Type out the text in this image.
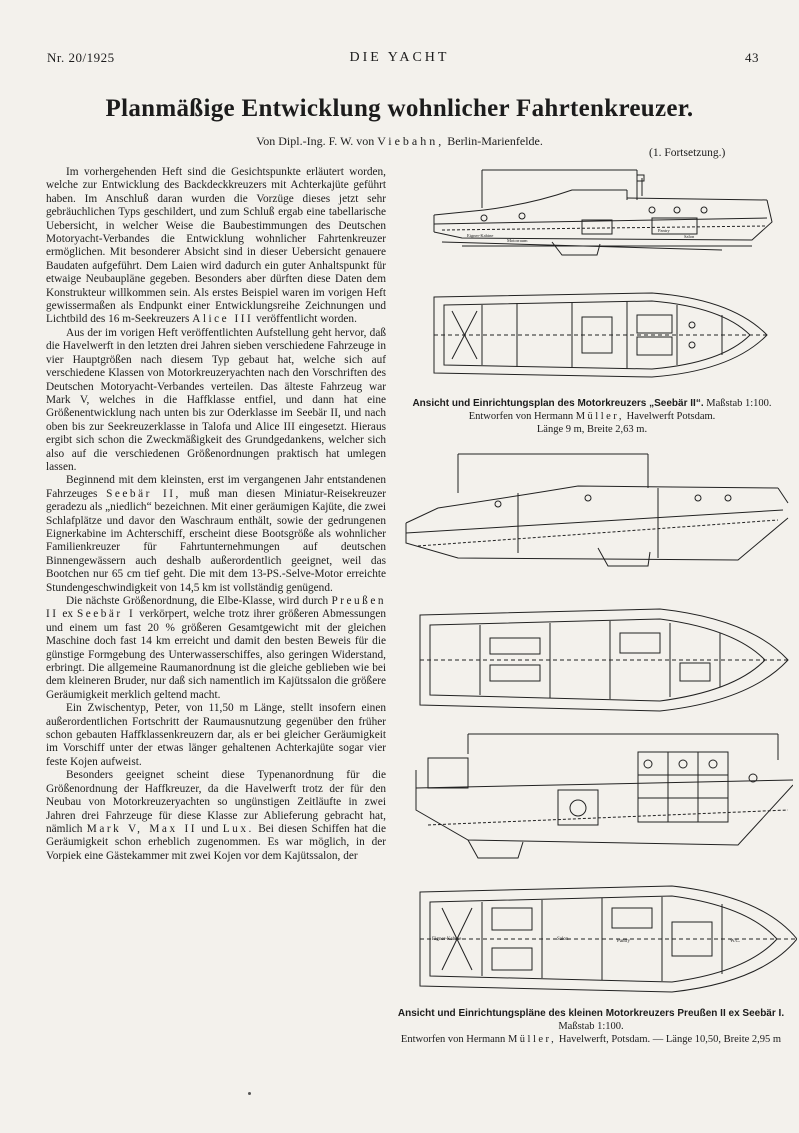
Nr. 20/1925	DIE YACHT	43
Planmäßige Entwicklung wohnlicher Fahrtenkreuzer.
Von Dipl.-Ing. F. W. von Viebahn, Berlin-Marienfelde.
(1. Fortsetzung.)

Im vorhergehenden Heft sind die Gesichtspunkte erläutert worden, welche zur Entwicklung des Backdeckkreuzers mit Achterkajüte geführt haben. Im Anschluß daran wurden die Vorzüge dieses jetzt sehr gebräuchlichen Typs geschildert, und zum Schluß ergab eine tabellarische Uebersicht, in welcher Weise die Baubestimmungen des Deutschen Motoryacht-Verbandes die Entwicklung wohnlicher Fahrtenkreuzer ermöglichen. Mit besonderer Absicht sind in dieser Uebersicht genauere Baudaten aufgeführt. Dem Laien wird dadurch ein guter Anhaltspunkt für etwaige Neubaupläne gegeben. Besonders aber dürften diese Daten dem Konstrukteur willkommen sein. Als erstes Beispiel waren im vorigen Heft gewissermaßen als Endpunkt einer Entwicklungsreihe Zeichnungen und Lichtbild des 16 m-Seekreuzers Alice III veröffentlicht worden.

Aus der im vorigen Heft veröffentlichten Aufstellung geht hervor, daß die Havelwerft in den letzten drei Jahren sieben verschiedene Fahrzeuge in vier Hauptgrößen nach diesem Typ gebaut hat, welche sich auf verschiedene Klassen von Motorkreuzeryachten nach den Vorschriften des Deutschen Motoryacht-Verbandes verteilen. Das älteste Fahrzeug war Mark V, welches in die Haffklasse entfiel, und dann hat eine Größenentwicklung nach unten bis zur Oderklasse im Seebär II, und nach oben bis zur Seekreuzerklasse in Talofa und Alice III eingesetzt. Hieraus ergibt sich schon die Zweckmäßigkeit des Grundgedankens, welcher sich also auf die verschiedenen Größenordnungen praktisch hat umlegen lassen.

Beginnend mit dem kleinsten, erst im vergangenen Jahr entstandenen Fahrzeuges Seebär II, muß man diesen Miniatur-Reisekreuzer geradezu als „niedlich“ bezeichnen. Mit einer geräumigen Kajüte, die zwei Schlafplätze und davor den Waschraum enthält, sowie der gedrungenen Eignerkabine im Achterschiff, erscheint diese Bootsgröße als wohnlicher Familienkreuzer für Fahrtunternehmungen auf deutschen Binnengewässern auch deshalb außerordentlich geeignet, weil das Bootchen nur 65 cm tief geht. Die mit dem 13-PS.-Selve-Motor erreichte Stundengeschwindigkeit von 14,5 km ist vollständig genügend.

Die nächste Größenordnung, die Elbe-Klasse, wird durch Preußen II ex Seebär I verkörpert, welche trotz ihrer größeren Abmessungen und einem um fast 20 % größeren Gesamtgewicht mit der gleichen Maschine doch fast 14 km erreicht und damit den besten Beweis für die günstige Formgebung des Unterwasserschiffes, also geringen Widerstand, erbringt. Die allgemeine Raumanordnung ist die gleiche geblieben wie bei dem kleineren Bruder, nur daß sich namentlich im Kajütssalon die größere Geräumigkeit merklich geltend macht.

Ein Zwischentyp, Peter, von 11,50 m Länge, stellt insofern einen außerordentlichen Fortschritt der Raumausnutzung gegenüber den früher schon gebauten Haffklassenkreuzern dar, als er bei gleicher Geräumigkeit im Vorschiff unter der etwas länger gehaltenen Achterkajüte sogar vier feste Kojen aufweist.

Besonders geeignet scheint diese Typenanordnung für die Größenordnung der Haffkreuzer, da die Havelwerft trotz der für den Neubau von Motorkreuzeryachten so ungünstigen Zeitläufte in zwei Jahren drei Fahrzeuge für diese Klasse zur Ablieferung gebracht hat, nämlich Mark V, Max II und Lux. Bei diesen Schiffen hat die Geräumigkeit schon erheblich zugenommen. Es war möglich, in der Vorpiek eine Gästekammer mit zwei Kojen vor dem Kajütssalon, der

Eigner-Kabine
Pantry
Salon
Motorraum
Ansicht und Einrichtungsplan des Motorkreuzers „Seebär II“. Maßstab 1:100.
Entworfen von Hermann Müller, Havelwerft Potsdam.
Länge 9 m, Breite 2,63 m.
Eigner-Kabine	Salon	Pantry	W.C.
Ansicht und Einrichtungspläne des kleinen Motorkreuzers Preußen II ex Seebär I.
Maßstab 1:100.
Entworfen von Hermann Müller, Havelwerft, Potsdam. — Länge 10,50, Breite 2,95 m
